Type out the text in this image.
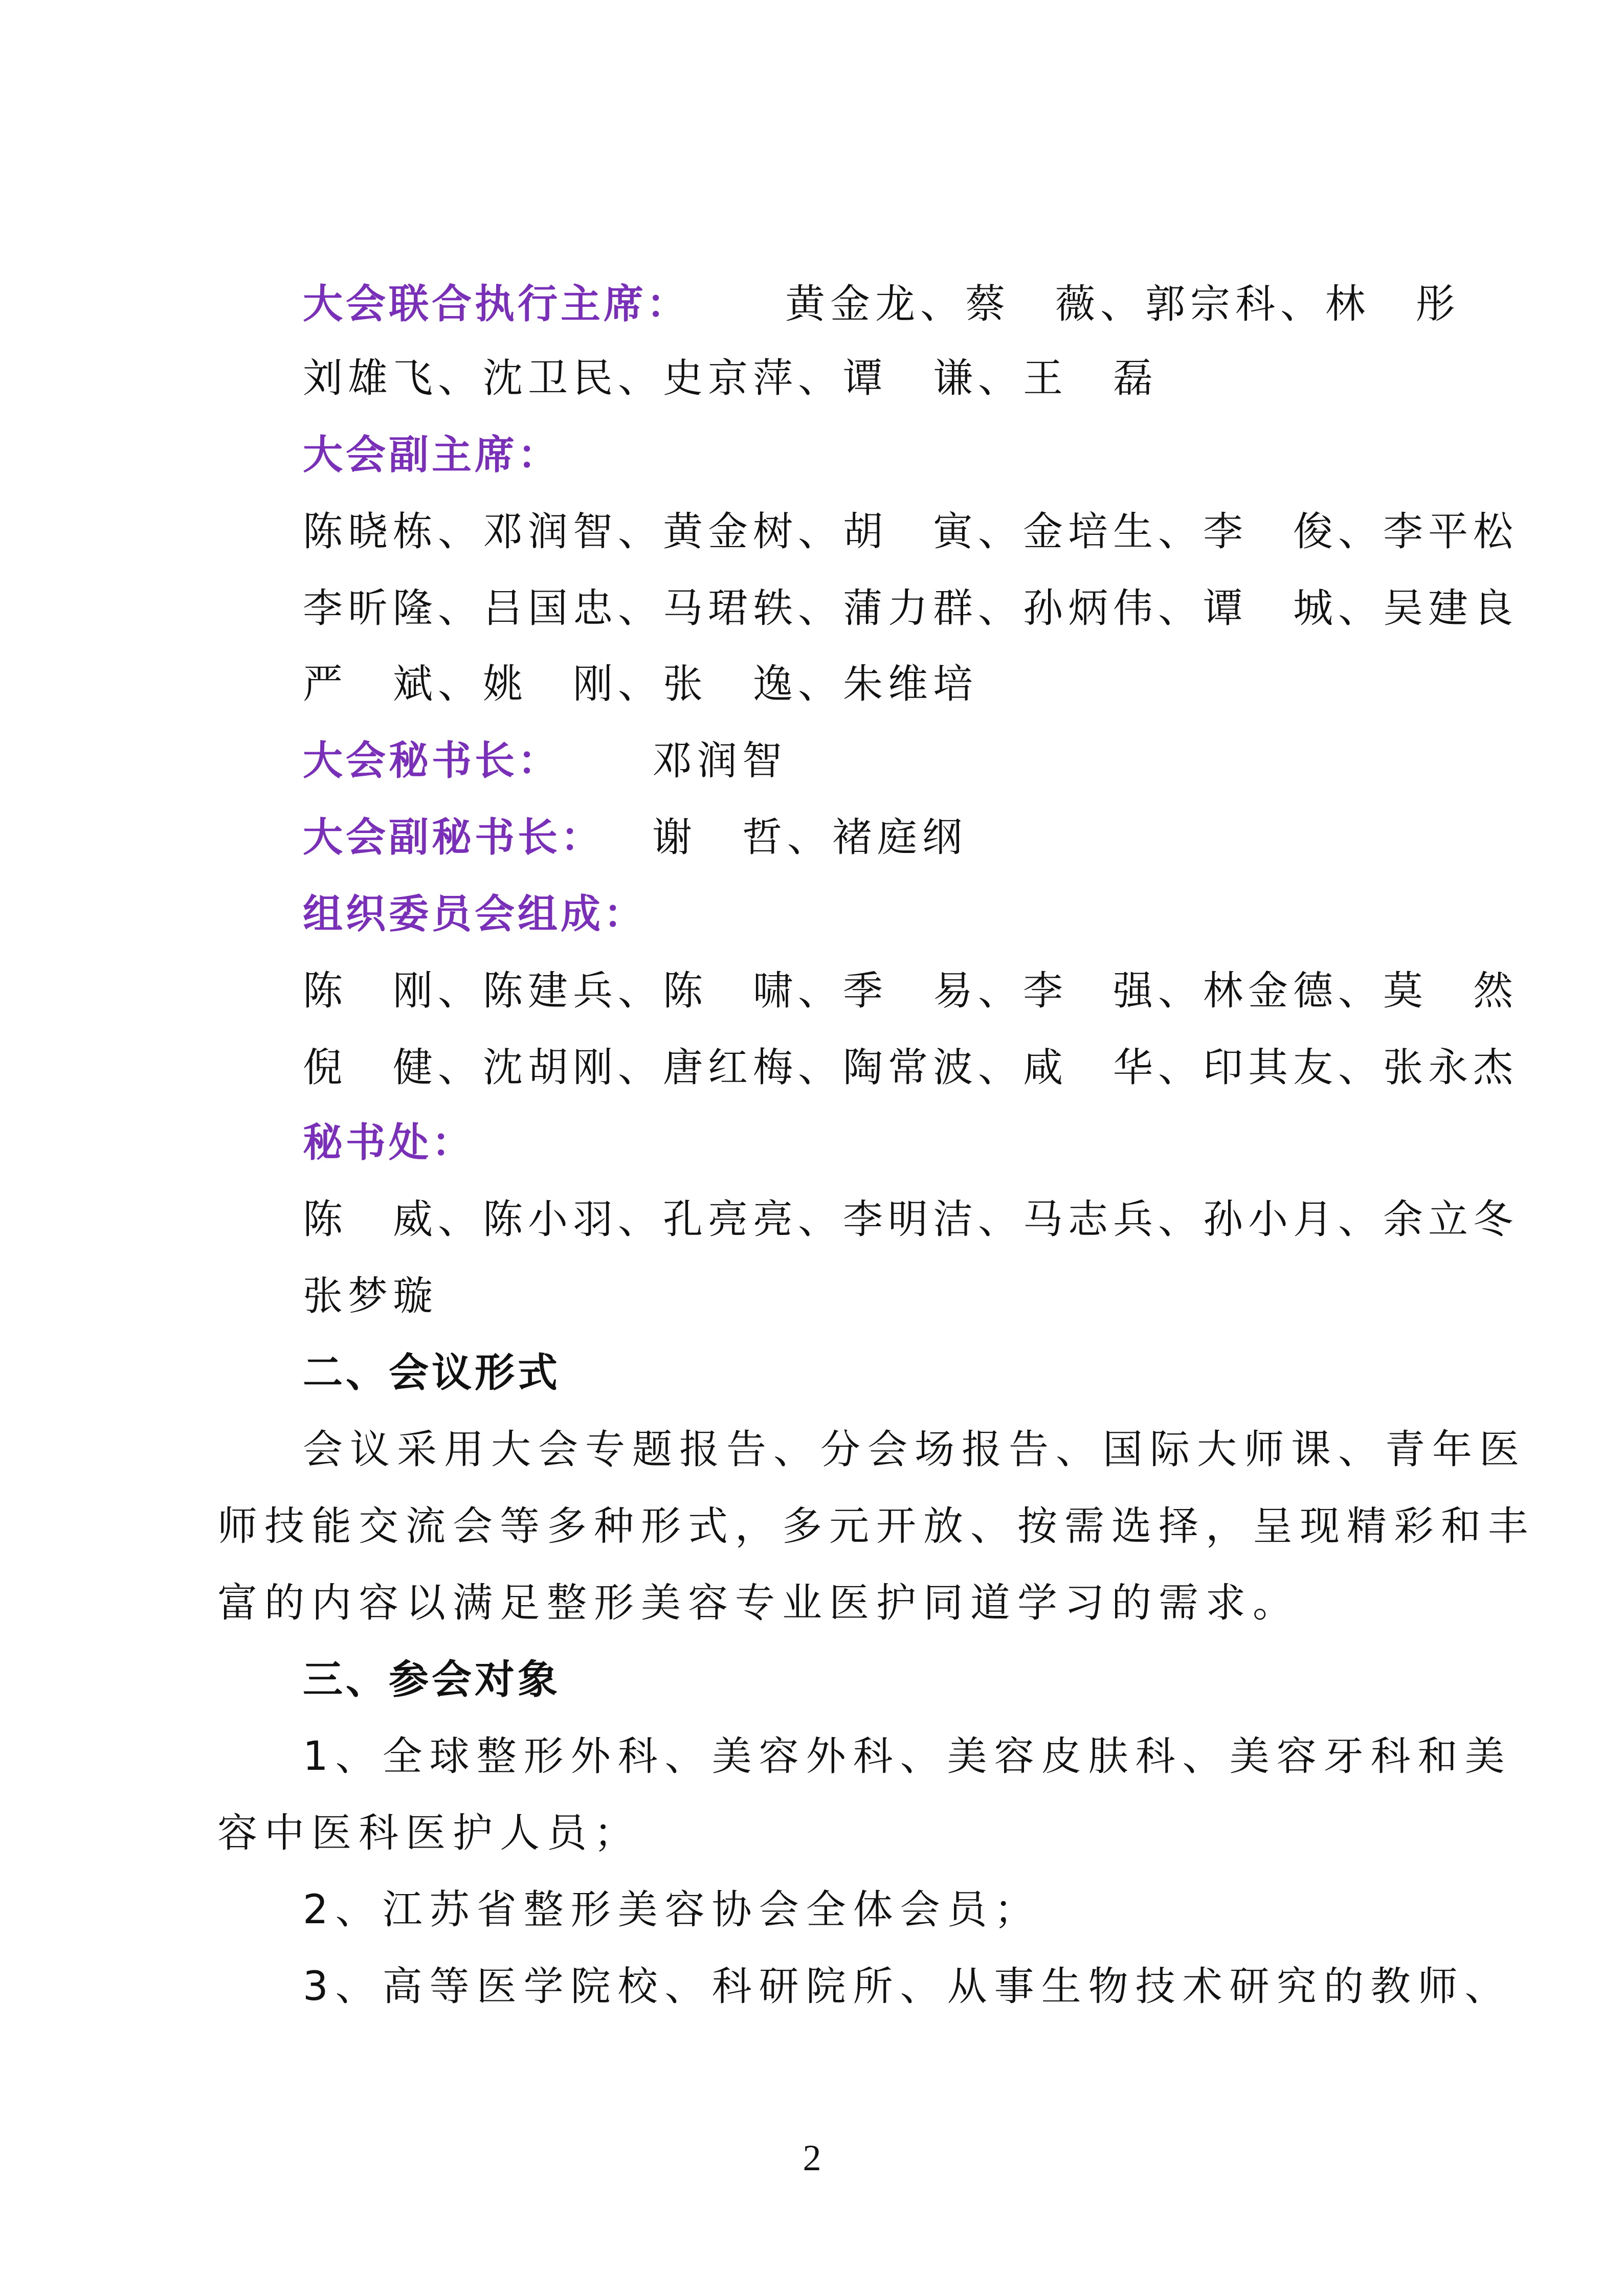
大会联合执行主席： 黄金龙、蔡　薇、郭宗科、林　彤
刘雄飞、沈卫民、史京萍、谭　谦、王　磊
大会副主席：
陈晓栋、邓润智、黄金树、胡　寅、金培生、李　俊、李平松
李昕隆、吕国忠、马珺轶、蒲力群、孙炳伟、谭　城、吴建良
严　斌、姚　刚、张　逸、朱维培
大会秘书长： 邓润智
大会副秘书长： 谢　哲、褚庭纲
组织委员会组成：
陈　刚、陈建兵、陈　啸、季　易、李　强、林金德、莫　然
倪　健、沈胡刚、唐红梅、陶常波、咸　华、印其友、张永杰
秘书处：
陈　威、陈小羽、孔亮亮、李明洁、马志兵、孙小月、余立冬
张梦璇
二、会议形式
会议采用大会专题报告、分会场报告、国际大师课、青年医
师技能交流会等多种形式，多元开放、按需选择，呈现精彩和丰
富的内容以满足整形美容专业医护同道学习的需求。
三、参会对象
1、全球整形外科、美容外科、美容皮肤科、美容牙科和美
容中医科医护人员；
2、江苏省整形美容协会全体会员；
3、高等医学院校、科研院所、从事生物技术研究的教师、
2
